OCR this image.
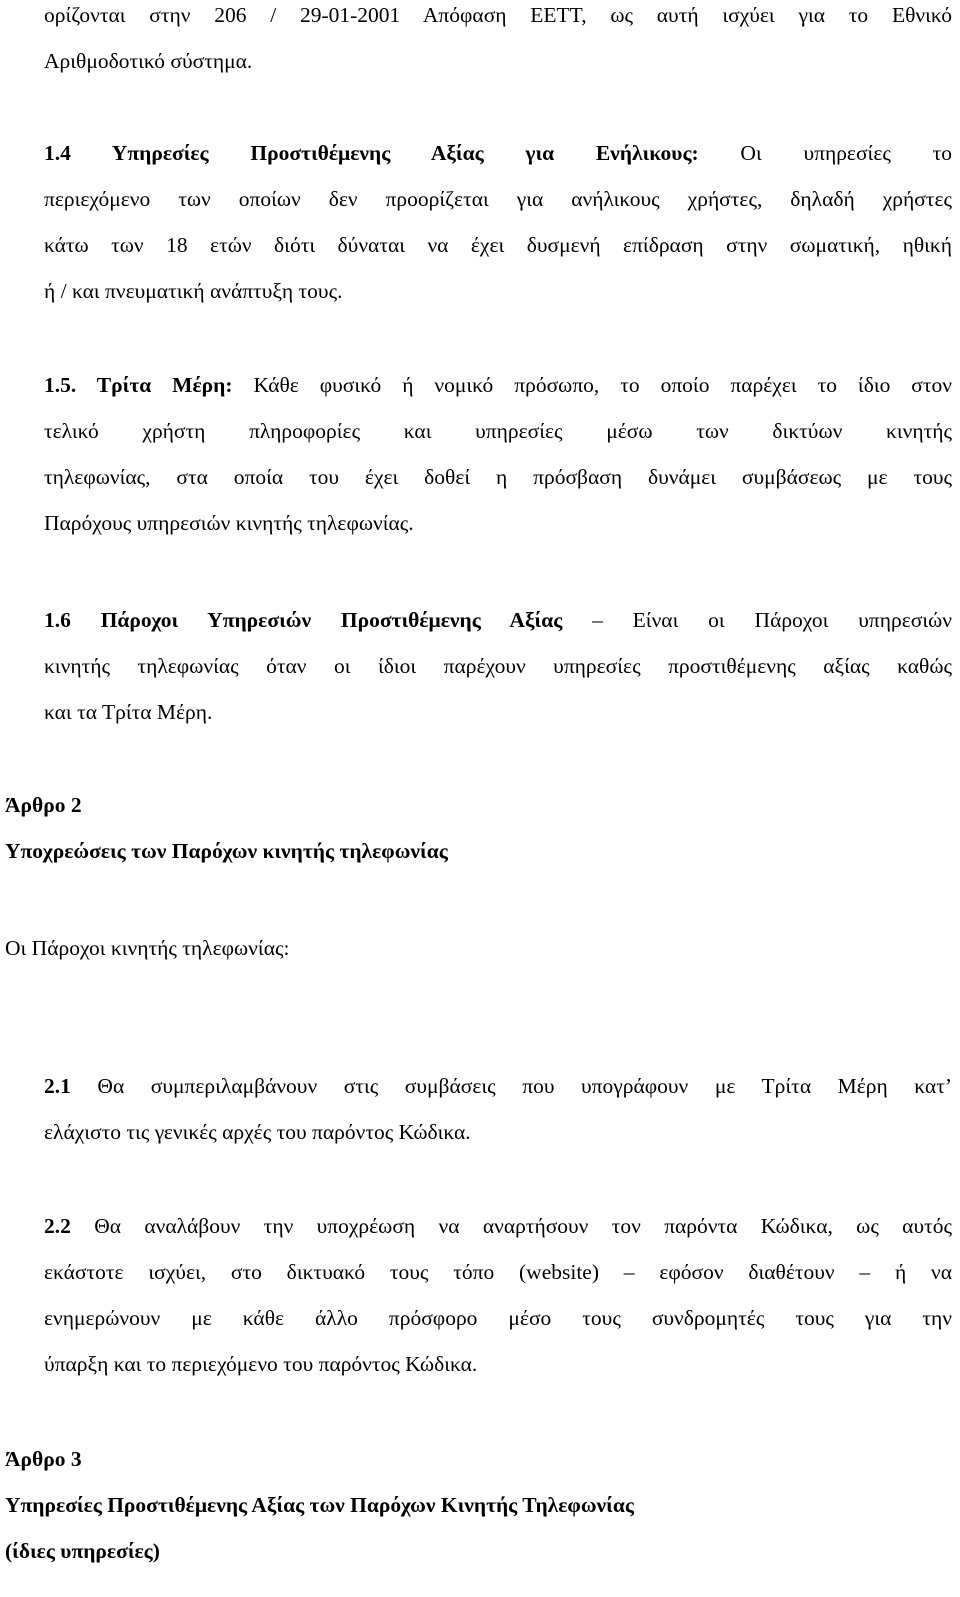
ορίζονται στην 206 / 29-01-2001 Απόφαση ΕΕΤΤ, ως αυτή ισχύει για το Εθνικό
Αριθμοδοτικό σύστημα.
1.4 Υπηρεσίες Προστιθέμενης Αξίας για Ενήλικους: Οι υπηρεσίες το
περιεχόμενο των οποίων δεν προορίζεται για ανήλικους χρήστες, δηλαδή χρήστες
κάτω των 18 ετών διότι δύναται να έχει δυσμενή επίδραση στην σωματική, ηθική
ή / και πνευματική ανάπτυξη τους.
1.5. Τρίτα Μέρη: Κάθε φυσικό ή νομικό πρόσωπο, το οποίο παρέχει το ίδιο στον
τελικό χρήστη πληροφορίες και υπηρεσίες μέσω των δικτύων κινητής
τηλεφωνίας, στα οποία του έχει δοθεί η πρόσβαση δυνάμει συμβάσεως με τους
Παρόχους υπηρεσιών κινητής τηλεφωνίας.
1.6 Πάροχοι Υπηρεσιών Προστιθέμενης Αξίας – Είναι οι Πάροχοι υπηρεσιών
κινητής τηλεφωνίας όταν οι ίδιοι παρέχουν υπηρεσίες προστιθέμενης αξίας καθώς
και τα Τρίτα Μέρη.
Άρθρο 2
Υποχρεώσεις των Παρόχων κινητής τηλεφωνίας
Οι Πάροχοι κινητής τηλεφωνίας:
2.1 Θα συμπεριλαμβάνουν στις συμβάσεις που υπογράφουν με Τρίτα Μέρη κατ’
ελάχιστο τις γενικές αρχές του παρόντος Κώδικα.
2.2 Θα αναλάβουν την υποχρέωση να αναρτήσουν τον παρόντα Κώδικα, ως αυτός
εκάστοτε ισχύει, στο δικτυακό τους τόπο (website) – εφόσον διαθέτουν – ή να
ενημερώνουν με κάθε άλλο πρόσφορο μέσο τους συνδρομητές τους για την
ύπαρξη και το περιεχόμενο του παρόντος Κώδικα.
Άρθρο 3
Υπηρεσίες Προστιθέμενης Αξίας των Παρόχων Κινητής Τηλεφωνίας
(ίδιες υπηρεσίες)
